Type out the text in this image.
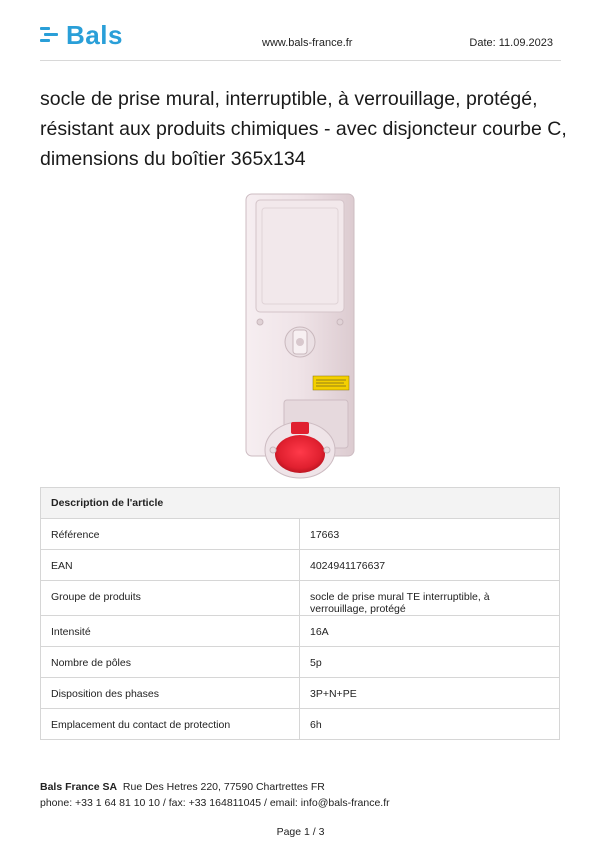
Bals	www.bals-france.fr	Date: 11.09.2023
socle de prise mural, interruptible, à verrouillage, protégé, résistant aux produits chimiques - avec disjoncteur courbe C, dimensions du boîtier 365x134
Description de l'article	
Référence	17663
EAN	4024941176637
Groupe de produits	socle de prise mural TE interruptible, à verrouillage, protégé
Intensité	16A
Nombre de pôles	5p
Disposition des phases	3P+N+PE
Emplacement du contact de protection	6h
Bals France SA Rue Des Hetres 220, 77590 Chartrettes FR
phone: +33 1 64 81 10 10 / fax: +33 164811045 / email: info@bals-france.fr
Page 1 / 3
